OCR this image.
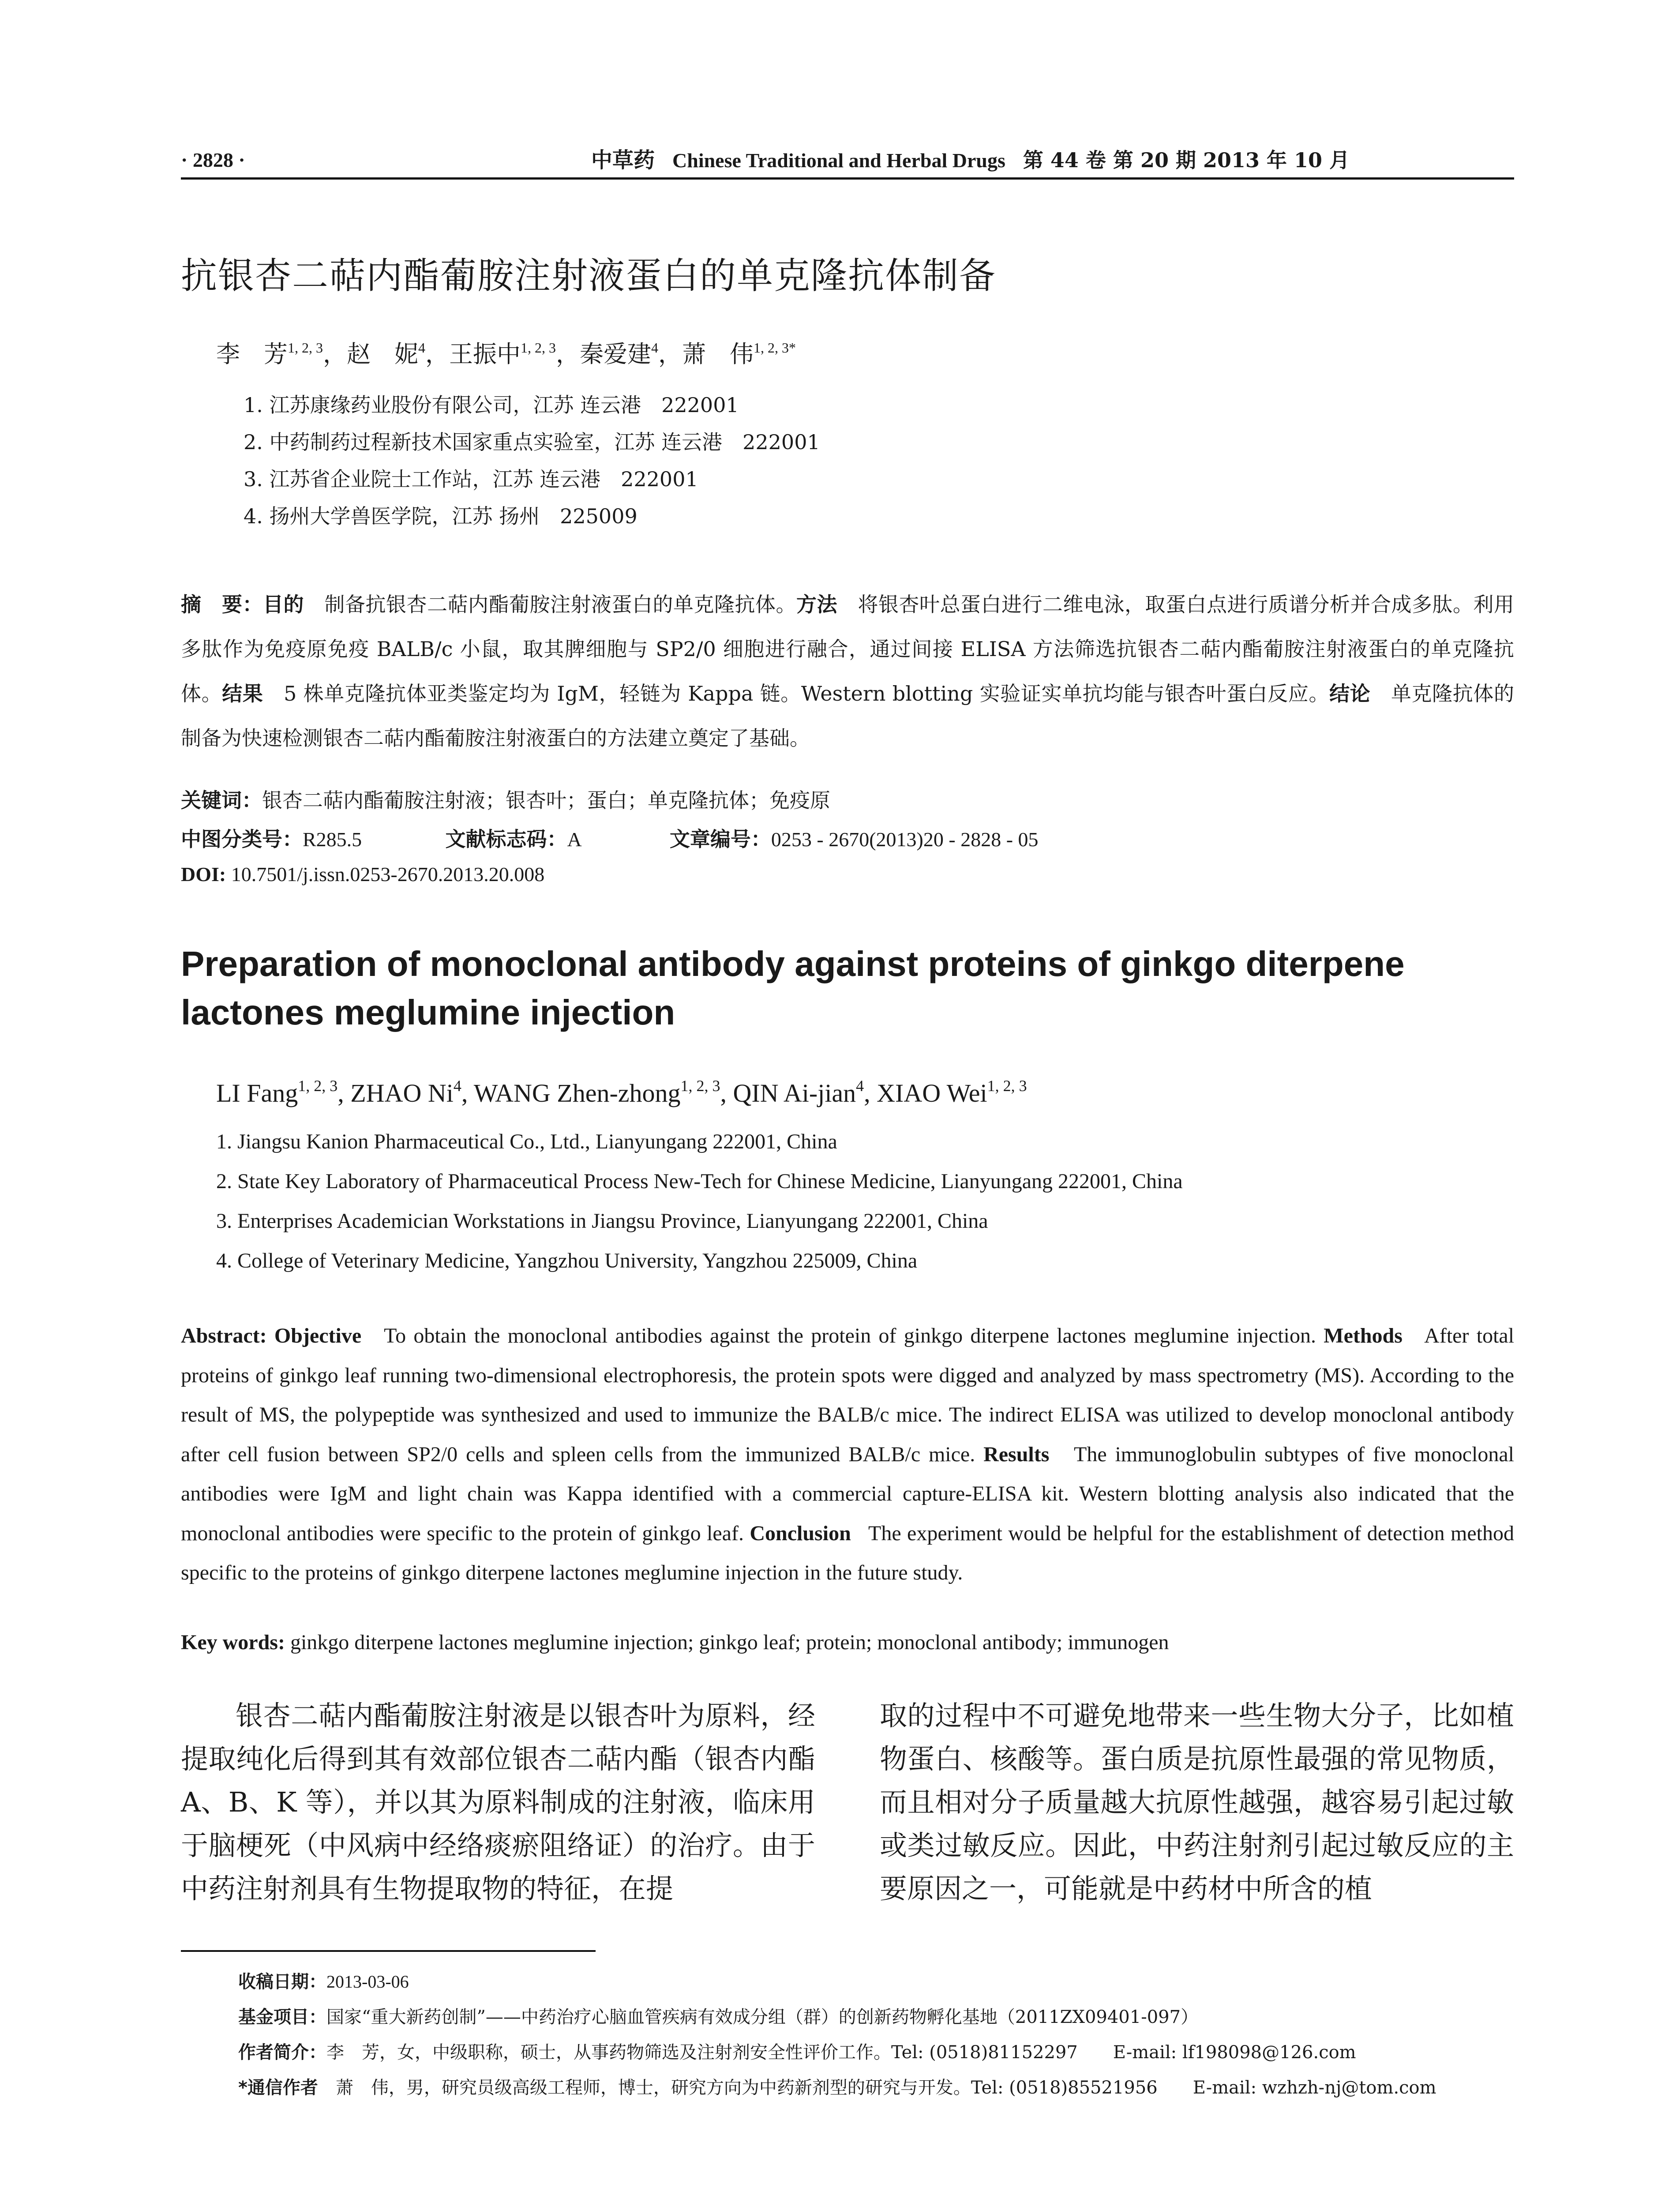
· 2828 ·	中草药 Chinese Traditional and Herbal Drugs 第 44 卷 第 20 期 2013 年 10 月
抗银杏二萜内酯葡胺注射液蛋白的单克隆抗体制备
李　芳$^{1, 2, 3}$，赵　妮$^4$，王振中$^{1, 2, 3}$，秦爱建$^4$，萧　伟$^{1, 2, 3*}$
1. 江苏康缘药业股份有限公司，江苏 连云港　222001
2. 中药制药过程新技术国家重点实验室，江苏 连云港　222001
3. 江苏省企业院士工作站，江苏 连云港　222001
4. 扬州大学兽医学院，江苏 扬州　225009
摘　要：目的　 制备抗银杏二萜内酯葡胺注射液蛋白的单克隆抗体。方法　 将银杏叶总蛋白进行二维电泳，取蛋白点进行质谱分析并合成多肽。利用多肽作为免疫原免疫 BALB/c 小鼠，取其脾细胞与 SP2/0 细胞进行融合，通过间接 ELISA 方法筛选抗银杏二萜内酯葡胺注射液蛋白的单克隆抗体。结果　 5 株单克隆抗体亚类鉴定均为 IgM，轻链为 Kappa 链。Western blotting 实验证实单抗均能与银杏叶蛋白反应。结论　 单克隆抗体的制备为快速检测银杏二萜内酯葡胺注射液蛋白的方法建立奠定了基础。
关键词：银杏二萜内酯葡胺注射液；银杏叶；蛋白；单克隆抗体；免疫原
中图分类号：R285.5	文献标志码：A	文章编号：0253 - 2670(2013)20 - 2828 - 05
DOI: 10.7501/j.issn.0253-2670.2013.20.008
Preparation of monoclonal antibody against proteins of ginkgo diterpene lactones meglumine injection
LI Fang$^{1, 2, 3}$, ZHAO Ni$^4$, WANG Zhen-zhong$^{1, 2, 3}$, QIN Ai-jian$^4$, XIAO Wei$^{1, 2, 3}$
1. Jiangsu Kanion Pharmaceutical Co., Ltd., Lianyungang 222001, China
2. State Key Laboratory of Pharmaceutical Process New-Tech for Chinese Medicine, Lianyungang 222001, China
3. Enterprises Academician Workstations in Jiangsu Province, Lianyungang 222001, China
4. College of Veterinary Medicine, Yangzhou University, Yangzhou 225009, China
Abstract: Objective To obtain the monoclonal antibodies against the protein of ginkgo diterpene lactones meglumine injection. Methods After total proteins of ginkgo leaf running two-dimensional electrophoresis, the protein spots were digged and analyzed by mass spectrometry (MS). According to the result of MS, the polypeptide was synthesized and used to immunize the BALB/c mice. The indirect ELISA was utilized to develop monoclonal antibody after cell fusion between SP2/0 cells and spleen cells from the immunized BALB/c mice. Results The immunoglobulin subtypes of five monoclonal antibodies were IgM and light chain was Kappa identified with a commercial capture-ELISA kit. Western blotting analysis also indicated that the monoclonal antibodies were specific to the protein of ginkgo leaf. Conclusion The experiment would be helpful for the establishment of detection method specific to the proteins of ginkgo diterpene lactones meglumine injection in the future study.
Key words: ginkgo diterpene lactones meglumine injection; ginkgo leaf; protein; monoclonal antibody; immunogen
银杏二萜内酯葡胺注射液是以银杏叶为原料，经提取纯化后得到其有效部位银杏二萜内酯（银杏内酯 A、B、K 等），并以其为原料制成的注射液，临床用于脑梗死（中风病中经络痰瘀阻络证）的治疗。由于中药注射剂具有生物提取物的特征，在提
取的过程中不可避免地带来一些生物大分子，比如植物蛋白、核酸等。蛋白质是抗原性最强的常见物质，而且相对分子质量越大抗原性越强，越容易引起过敏或类过敏反应。因此，中药注射剂引起过敏反应的主要原因之一，可能就是中药材中所含的植
收稿日期：2013-03-06
基金项目：国家“重大新药创制”——中药治疗心脑血管疾病有效成分组（群）的创新药物孵化基地（2011ZX09401-097）
作者简介：李　芳，女，中级职称，硕士，从事药物筛选及注射剂安全性评价工作。Tel: (0518)81152297　　E-mail: lf198098@126.com
*通信作者　 萧　伟，男，研究员级高级工程师，博士，研究方向为中药新剂型的研究与开发。Tel: (0518)85521956　　E-mail: wzhzh-nj@tom.com
